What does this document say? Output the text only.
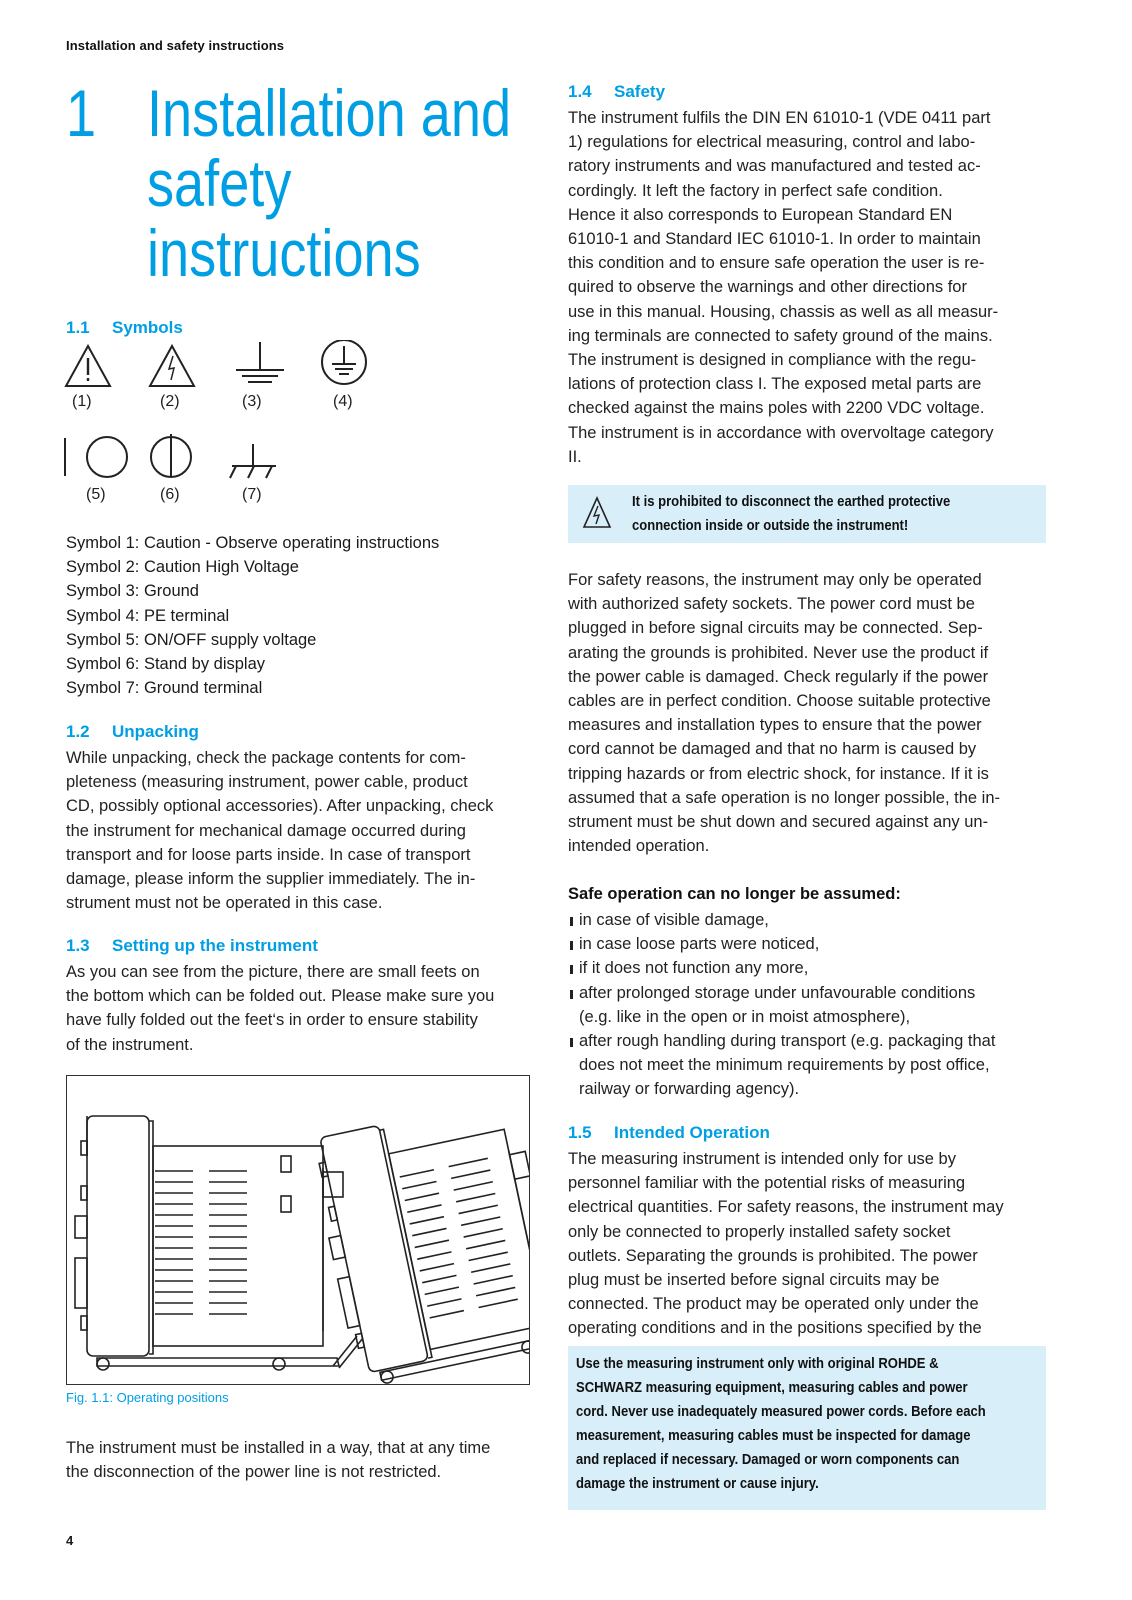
Installation and safety instructions
1 Installation and
safety
instructions
1.1 Symbols
(1)	(2)	(3)	(4)
(5)	(6)	(7)
Symbol 1: Caution - Observe operating instructions
Symbol 2: Caution High Voltage
Symbol 3: Ground
Symbol 4: PE terminal
Symbol 5: ON/OFF supply voltage
Symbol 6: Stand by display
Symbol 7: Ground terminal
1.2 Unpacking
While unpacking, check the package contents for com-
pleteness (measuring instrument, power cable, product
CD, possibly optional accessories). After unpacking, check
the instrument for mechanical damage occurred during
transport and for loose parts inside. In case of transport
damage, please inform the supplier immediately. The in-
strument must not be operated in this case.
1.3 Setting up the instrument
As you can see from the picture, there are small feets on
the bottom which can be folded out. Please make sure you
have fully folded out the feet‘s in order to ensure stability
of the instrument.
Fig. 1.1: Operating positions
The instrument must be installed in a way, that at any time
the disconnection of the power line is not restricted.
4
1.4 Safety
The instrument fulfils the DIN EN 61010-1 (VDE 0411 part
1) regulations for electrical measuring, control and labo-
ratory instruments and was manufactured and tested ac-
cordingly. It left the factory in perfect safe condition.
Hence it also corresponds to European Standard EN
61010-1 and Standard IEC 61010-1. In order to maintain
this condition and to ensure safe operation the user is re-
quired to observe the warnings and other directions for
use in this manual. Housing, chassis as well as all measur-
ing terminals are connected to safety ground of the mains.
The instrument is designed in compliance with the regu-
lations of protection class I. The exposed metal parts are
checked against the mains poles with 2200 VDC voltage.
The instrument is in accordance with overvoltage category
II.
It is prohibited to disconnect the earthed protective
connection inside or outside the instrument!
For safety reasons, the instrument may only be operated
with authorized safety sockets. The power cord must be
plugged in before signal circuits may be connected. Sep-
arating the grounds is prohibited. Never use the product if
the power cable is damaged. Check regularly if the power
cables are in perfect condition. Choose suitable protective
measures and installation types to ensure that the power
cord cannot be damaged and that no harm is caused by
tripping hazards or from electric shock, for instance. If it is
assumed that a safe operation is no longer possible, the in-
strument must be shut down and secured against any un-
intended operation.
Safe operation can no longer be assumed:
in case of visible damage,
in case loose parts were noticed,
if it does not function any more,
after prolonged storage under unfavourable conditions
(e.g. like in the open or in moist atmosphere),
after rough handling during transport (e.g. packaging that
does not meet the minimum requirements by post office,
railway or forwarding agency).
1.5 Intended Operation
The measuring instrument is intended only for use by
personnel familiar with the potential risks of measuring
electrical quantities. For safety reasons, the instrument may
only be connected to properly installed safety socket
outlets. Separating the grounds is prohibited. The power
plug must be inserted before signal circuits may be
connected. The product may be operated only under the
operating conditions and in the positions specified by the
Use the measuring instrument only with original ROHDE &
SCHWARZ measuring equipment, measuring cables and power
cord. Never use inadequately measured power cords. Before each
measurement, measuring cables must be inspected for damage
and replaced if necessary. Damaged or worn components can
damage the instrument or cause injury.
